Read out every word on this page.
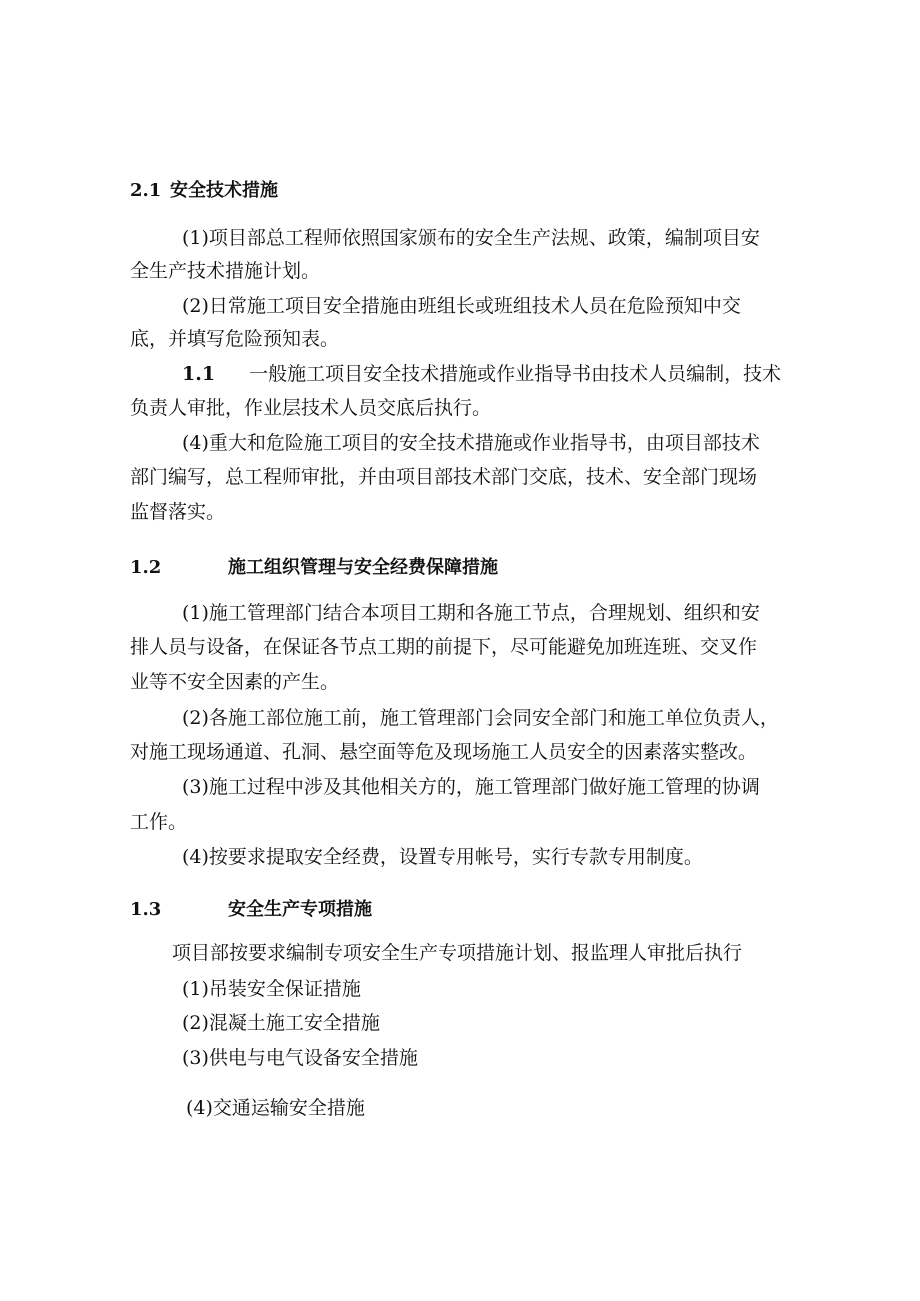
2.1 安全技术措施
(1)项目部总工程师依照国家颁布的安全生产法规、政策，编制项目安
全生产技术措施计划。
(2)日常施工项目安全措施由班组长或班组技术人员在危险预知中交
底，并填写危险预知表。
1.1 一般施工项目安全技术措施或作业指导书由技术人员编制，技术
负责人审批，作业层技术人员交底后执行。
(4)重大和危险施工项目的安全技术措施或作业指导书，由项目部技术
部门编写，总工程师审批，并由项目部技术部门交底，技术、安全部门现场
监督落实。
1.2	施工组织管理与安全经费保障措施
(1)施工管理部门结合本项目工期和各施工节点，合理规划、组织和安
排人员与设备，在保证各节点工期的前提下，尽可能避免加班连班、交叉作
业等不安全因素的产生。
(2)各施工部位施工前，施工管理部门会同安全部门和施工单位负责人，
对施工现场通道、孔洞、悬空面等危及现场施工人员安全的因素落实整改。
(3)施工过程中涉及其他相关方的，施工管理部门做好施工管理的协调
工作。
(4)按要求提取安全经费，设置专用帐号，实行专款专用制度。
1.3	安全生产专项措施
项目部按要求编制专项安全生产专项措施计划、报监理人审批后执行
(1)吊装安全保证措施
(2)混凝土施工安全措施
(3)供电与电气设备安全措施
(4)交通运输安全措施
